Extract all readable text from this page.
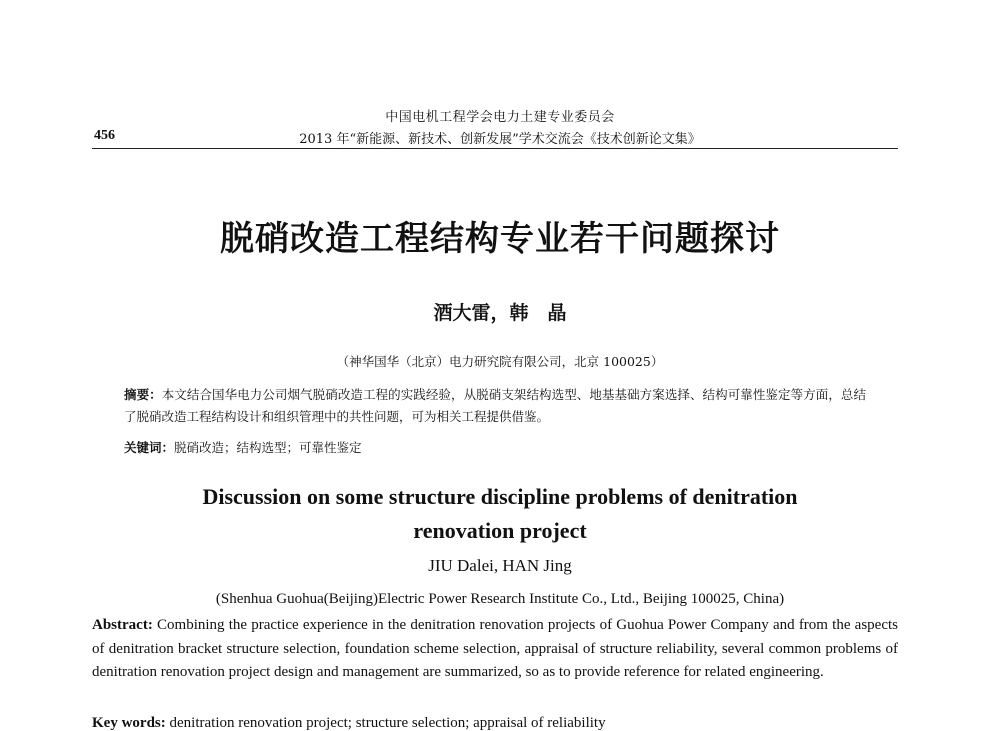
中国电机工程学会电力土建专业委员会
456	2013 年“新能源、新技术、创新发展”学术交流会《技术创新论文集》
脱硝改造工程结构专业若干问题探讨
酒大雷，韩　晶
（神华国华（北京）电力研究院有限公司，北京 100025）
摘要：本文结合国华电力公司烟气脱硝改造工程的实践经验，从脱硝支架结构选型、地基基础方案选择、结构可靠性鉴定等方面，总结了脱硝改造工程结构设计和组织管理中的共性问题，可为相关工程提供借鉴。
关键词：脱硝改造；结构选型；可靠性鉴定
Discussion on some structure discipline problems of denitration
renovation project
JIU Dalei, HAN Jing
(Shenhua Guohua(Beijing)Electric Power Research Institute Co., Ltd., Beijing 100025, China)
Abstract: Combining the practice experience in the denitration renovation projects of Guohua Power Company and from the aspects of denitration bracket structure selection, foundation scheme selection, appraisal of structure reliability, several common problems of denitration renovation project design and management are summarized, so as to provide reference for related engineering.
Key words: denitration renovation project; structure selection; appraisal of reliability
